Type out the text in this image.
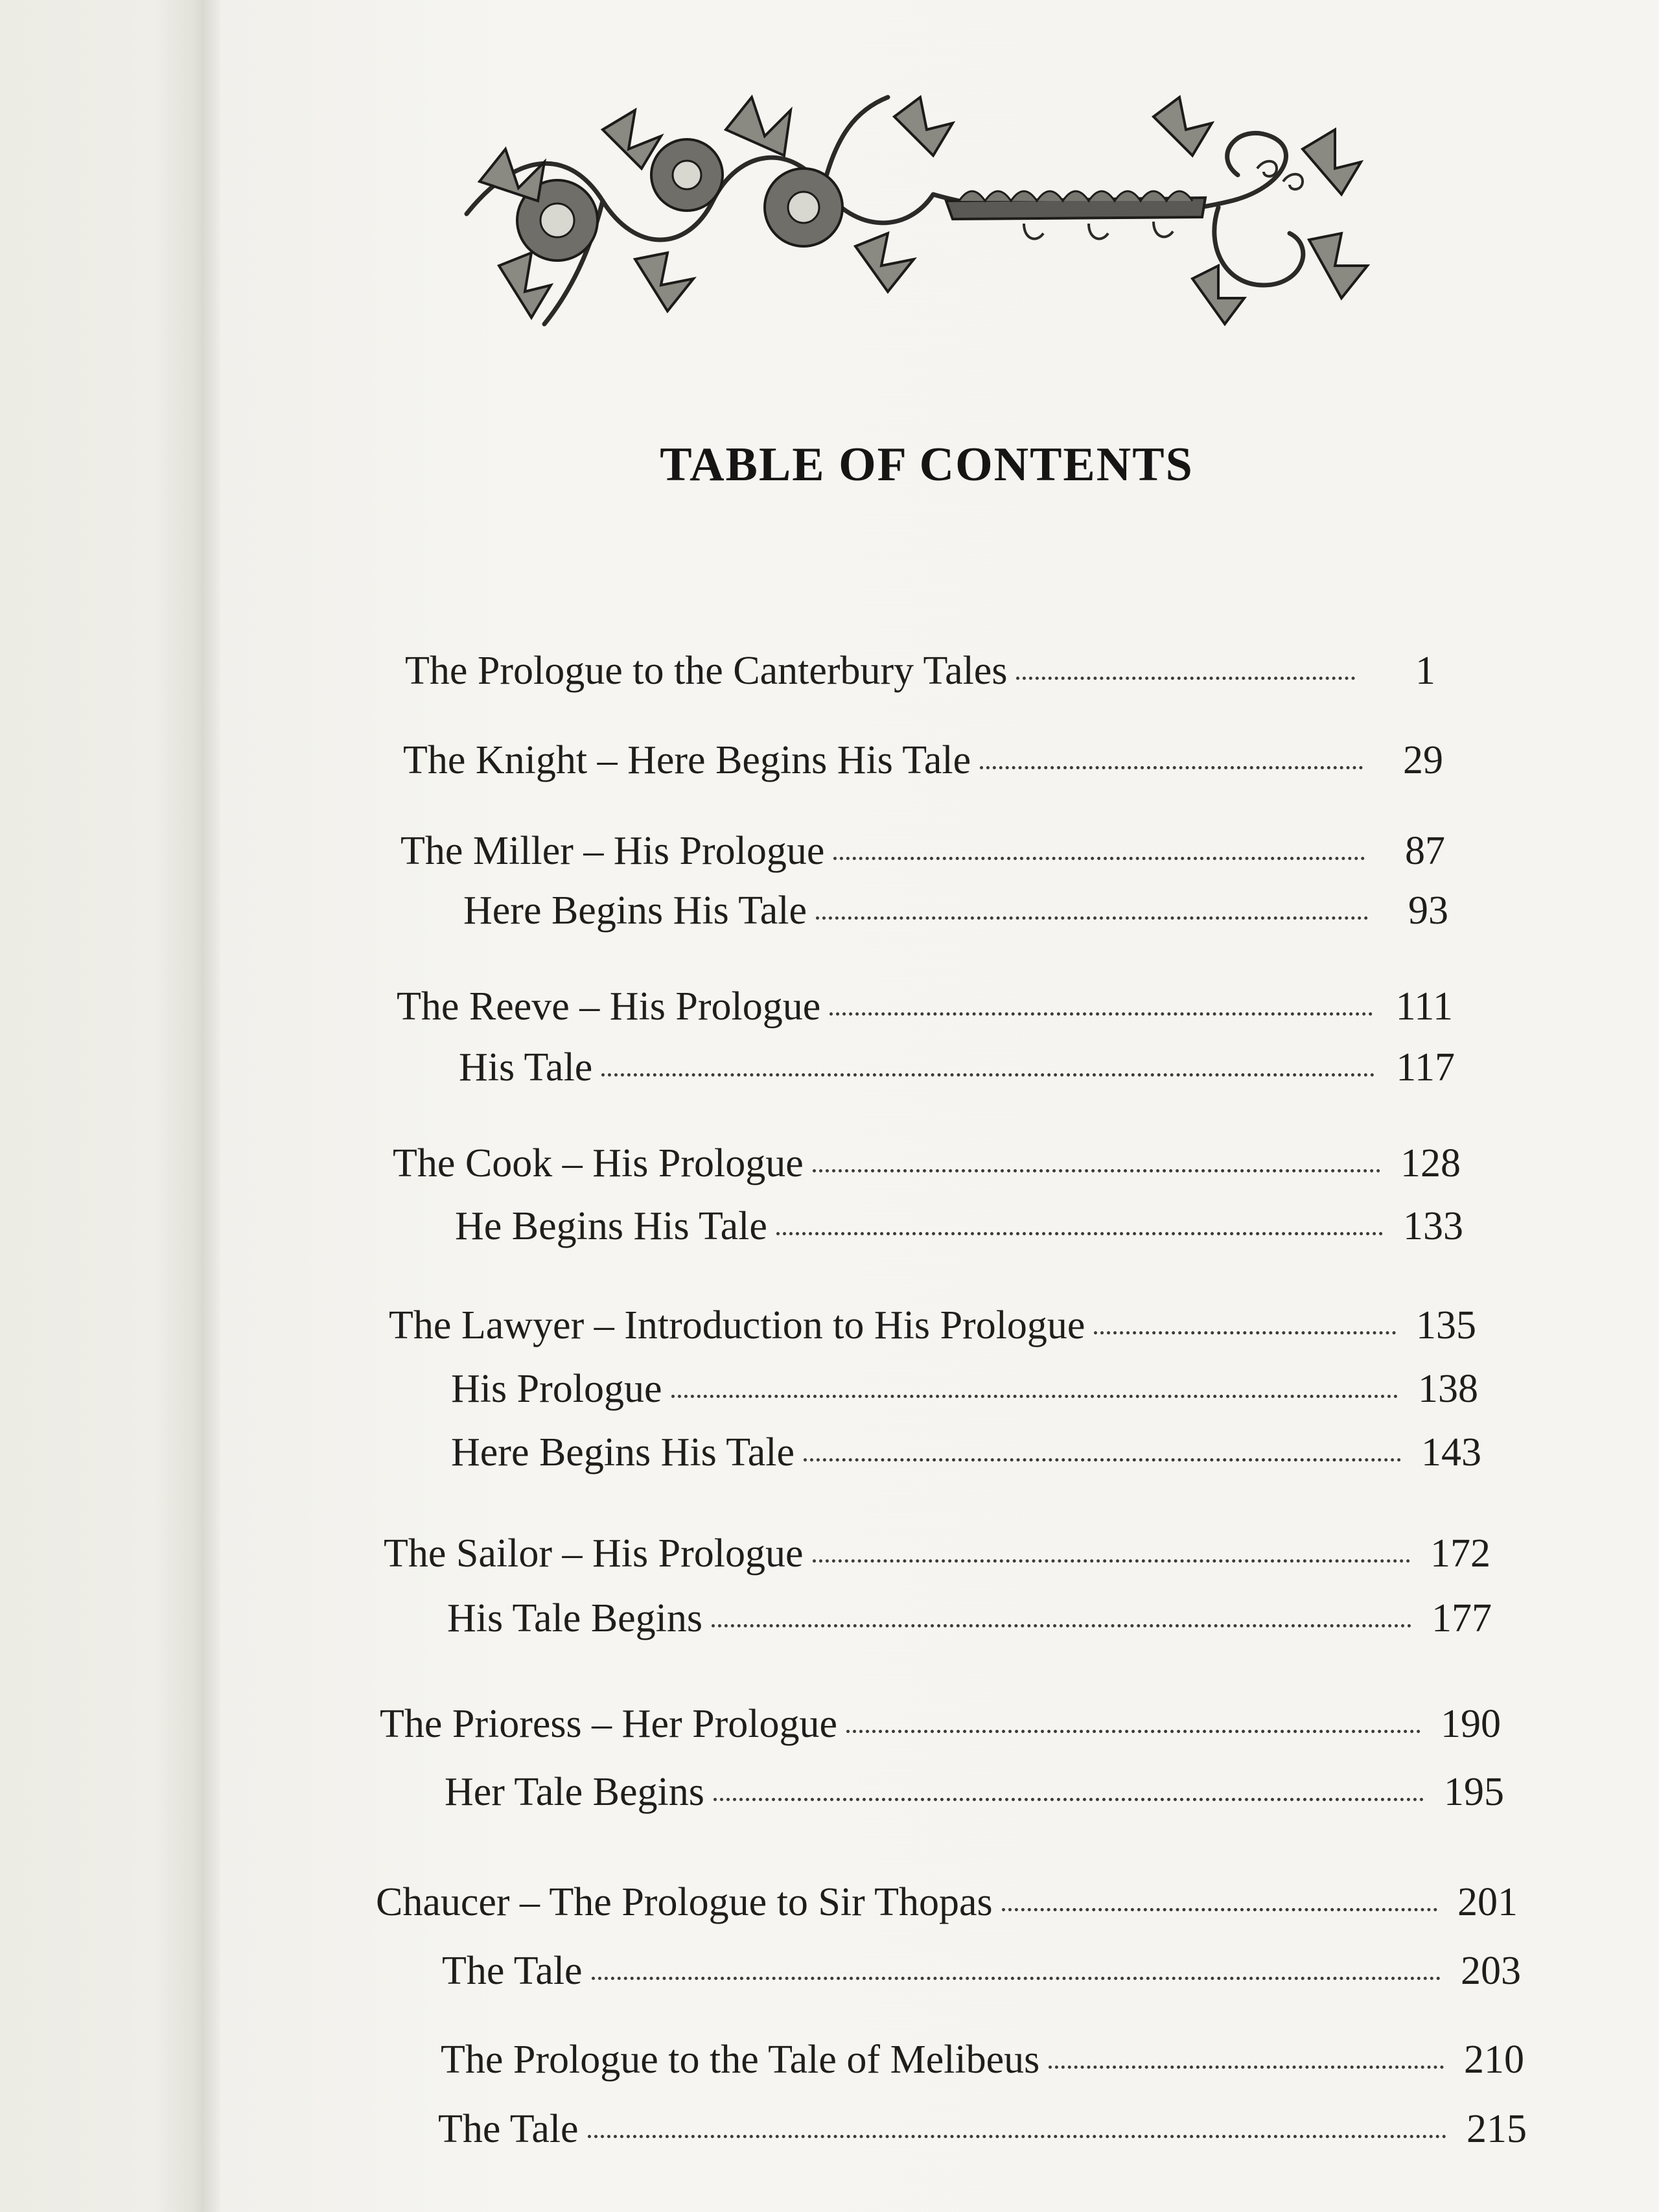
TABLE OF CONTENTS
The Prologue to the Canterbury Tales	1
The Knight – Here Begins His Tale	29
The Miller – His Prologue	87
Here Begins His Tale	93
The Reeve – His Prologue	111
His Tale	117
The Cook – His Prologue	128
He Begins His Tale	133
The Lawyer – Introduction to His Prologue	135
His Prologue	138
Here Begins His Tale	143
The Sailor – His Prologue	172
His Tale Begins	177
The Prioress – Her Prologue	190
Her Tale Begins	195
Chaucer – The Prologue to Sir Thopas	201
The Tale	203
The Prologue to the Tale of Melibeus	210
The Tale	215
